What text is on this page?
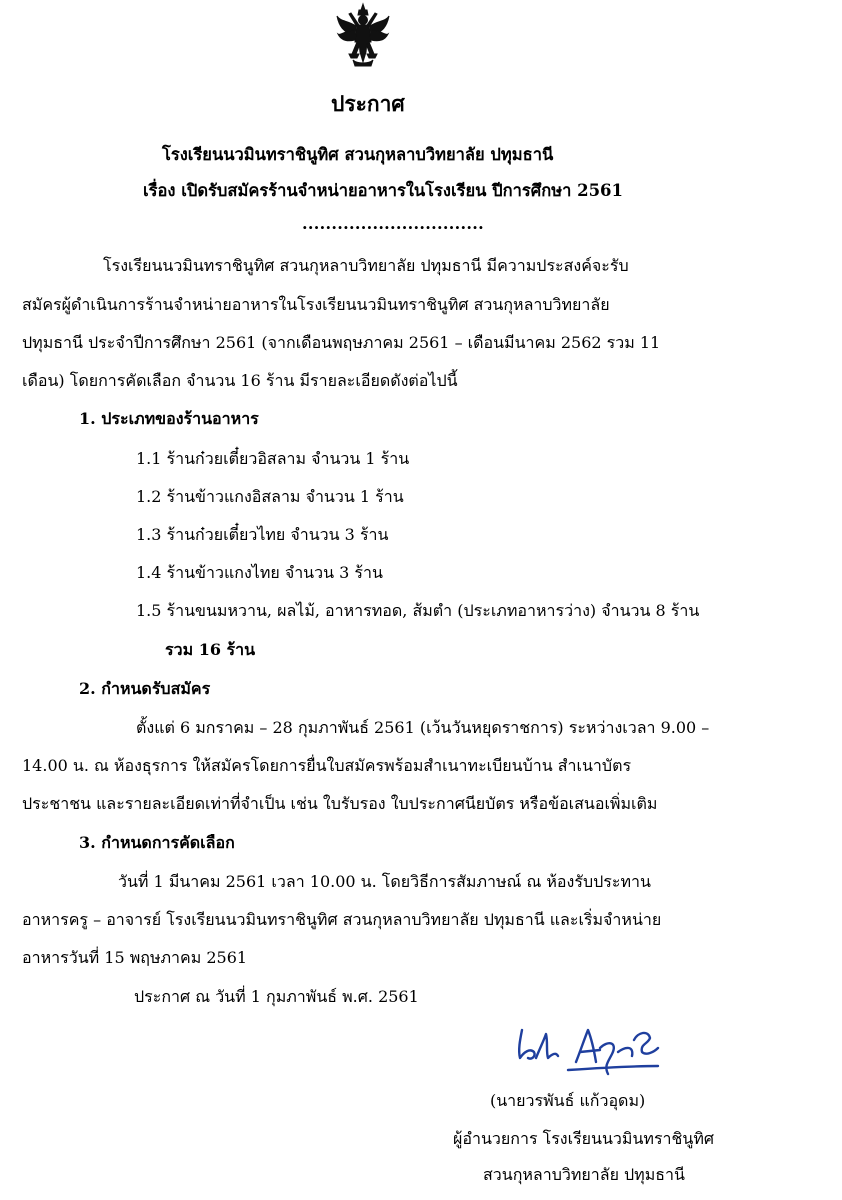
ประกาศ
โรงเรียนนวมินทราชินูทิศ สวนกุหลาบวิทยาลัย ปทุมธานี
เรื่อง เปิดรับสมัครร้านจำหน่ายอาหารในโรงเรียน ปีการศึกษา 2561
...............................
โรงเรียนนวมินทราชินูทิศ สวนกุหลาบวิทยาลัย ปทุมธานี มีความประสงค์จะรับ
สมัครผู้ดำเนินการร้านจำหน่ายอาหารในโรงเรียนนวมินทราชินูทิศ สวนกุหลาบวิทยาลัย
ปทุมธานี ประจำปีการศึกษา 2561 (จากเดือนพฤษภาคม 2561 – เดือนมีนาคม 2562 รวม 11
เดือน) โดยการคัดเลือก จำนวน 16 ร้าน มีรายละเอียดดังต่อไปนี้
1. ประเภทของร้านอาหาร
1.1 ร้านก๋วยเตี๋ยวอิสลาม จำนวน 1 ร้าน
1.2 ร้านข้าวแกงอิสลาม จำนวน 1 ร้าน
1.3 ร้านก๋วยเตี๋ยวไทย จำนวน 3 ร้าน
1.4 ร้านข้าวแกงไทย จำนวน 3 ร้าน
1.5 ร้านขนมหวาน, ผลไม้, อาหารทอด, ส้มตำ (ประเภทอาหารว่าง) จำนวน 8 ร้าน
รวม 16 ร้าน
2. กำหนดรับสมัคร
ตั้งแต่ 6 มกราคม – 28 กุมภาพันธ์ 2561 (เว้นวันหยุดราชการ) ระหว่างเวลา 9.00 –
14.00 น. ณ ห้องธุรการ ให้สมัครโดยการยื่นใบสมัครพร้อมสำเนาทะเบียนบ้าน สำเนาบัตร
ประชาชน และรายละเอียดเท่าที่จำเป็น เช่น ใบรับรอง ใบประกาศนียบัตร หรือข้อเสนอเพิ่มเติม
3. กำหนดการคัดเลือก
วันที่ 1 มีนาคม 2561 เวลา 10.00 น. โดยวิธีการสัมภาษณ์ ณ ห้องรับประทาน
อาหารครู – อาจารย์ โรงเรียนนวมินทราชินูทิศ สวนกุหลาบวิทยาลัย ปทุมธานี และเริ่มจำหน่าย
อาหารวันที่ 15 พฤษภาคม 2561
ประกาศ ณ วันที่ 1 กุมภาพันธ์ พ.ศ. 2561
(นายวรพันธ์ แก้วอุดม)
ผู้อำนวยการ โรงเรียนนวมินทราชินูทิศ
สวนกุหลาบวิทยาลัย ปทุมธานี
